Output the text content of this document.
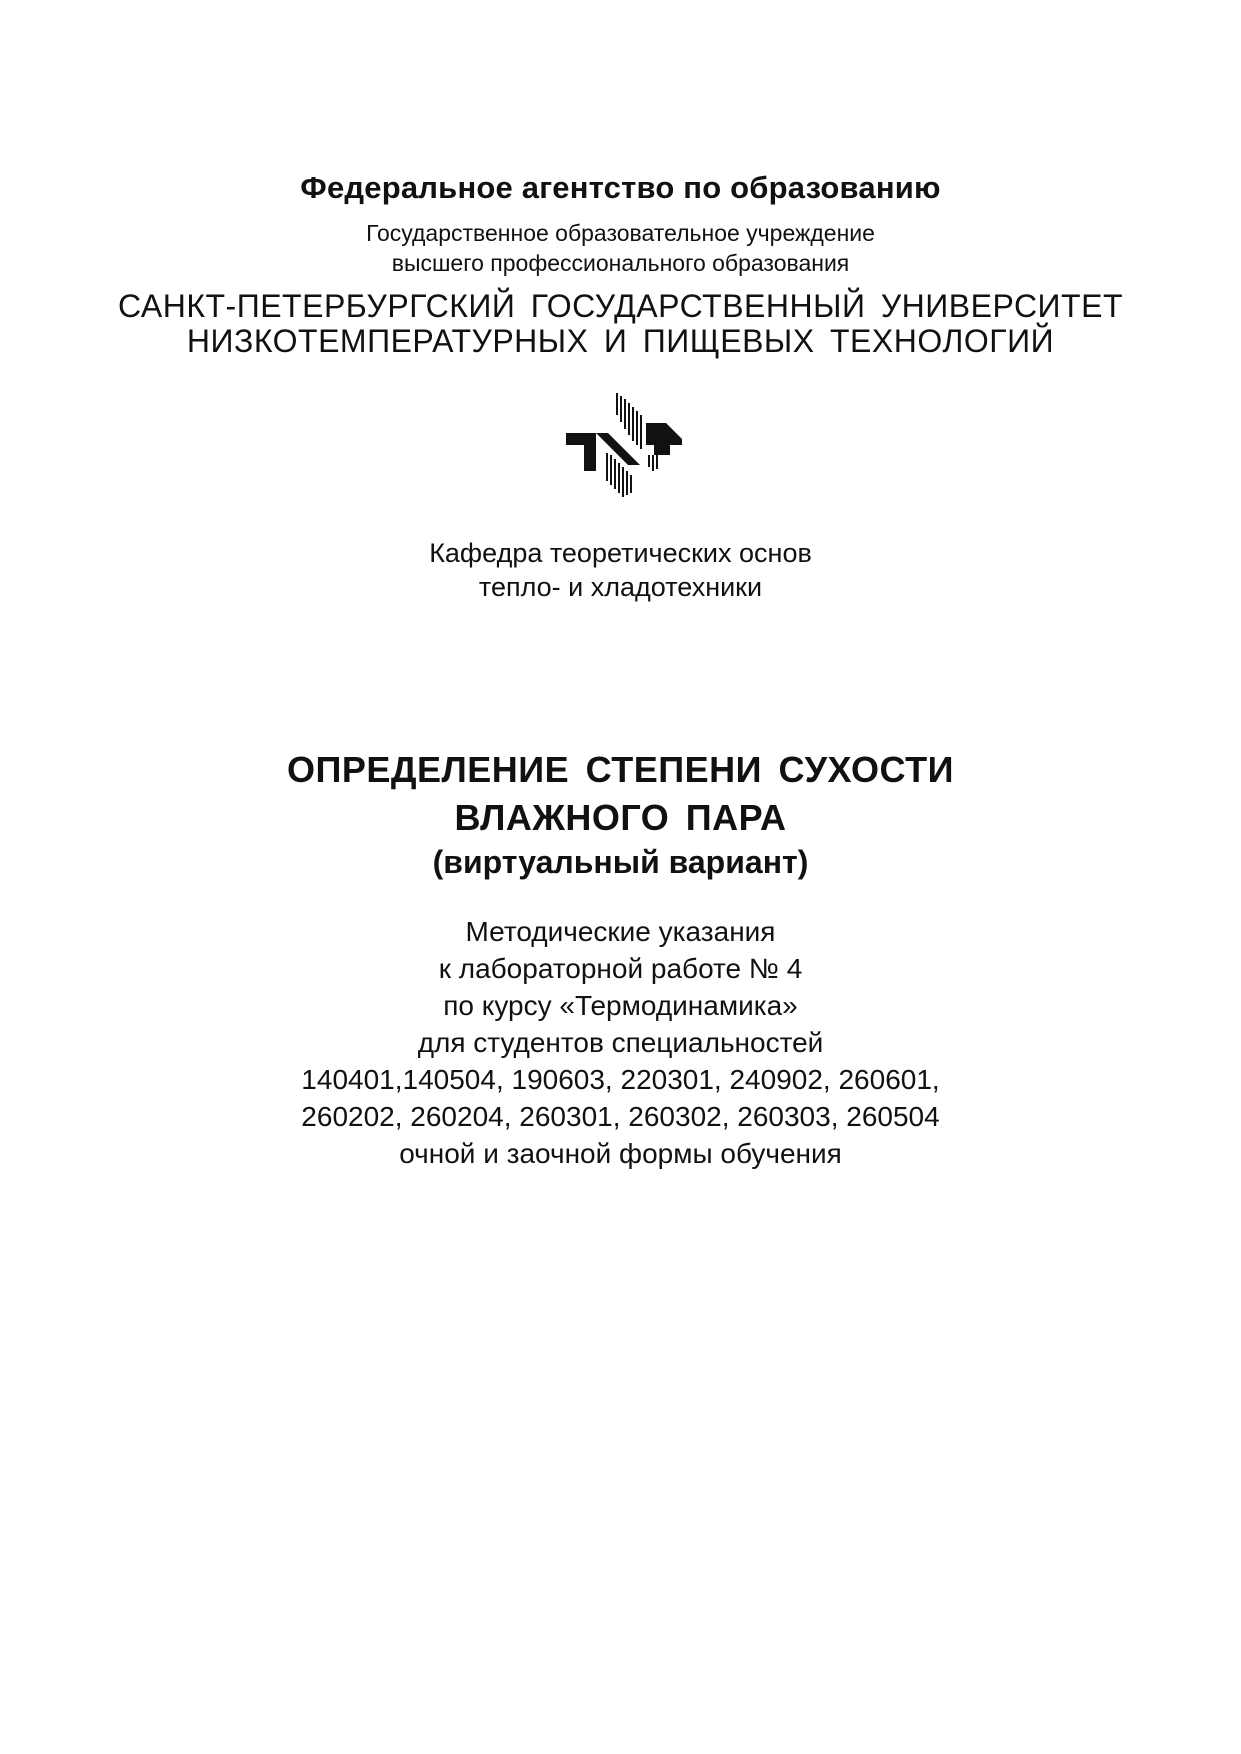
Федеральное агентство по образованию
Государственное образовательное учреждение
высшего профессионального образования
САНКТ-ПЕТЕРБУРГСКИЙ ГОСУДАРСТВЕННЫЙ УНИВЕРСИТЕТ
НИЗКОТЕМПЕРАТУРНЫХ И ПИЩЕВЫХ ТЕХНОЛОГИЙ
Кафедра теоретических основ
тепло- и хладотехники
ОПРЕДЕЛЕНИЕ СТЕПЕНИ СУХОСТИ
ВЛАЖНОГО ПАРА
(виртуальный вариант)
Методические указания
к лабораторной работе № 4
по курсу «Термодинамика»
для студентов специальностей
140401,140504, 190603, 220301, 240902, 260601,
260202, 260204, 260301, 260302, 260303, 260504
очной и заочной формы обучения
